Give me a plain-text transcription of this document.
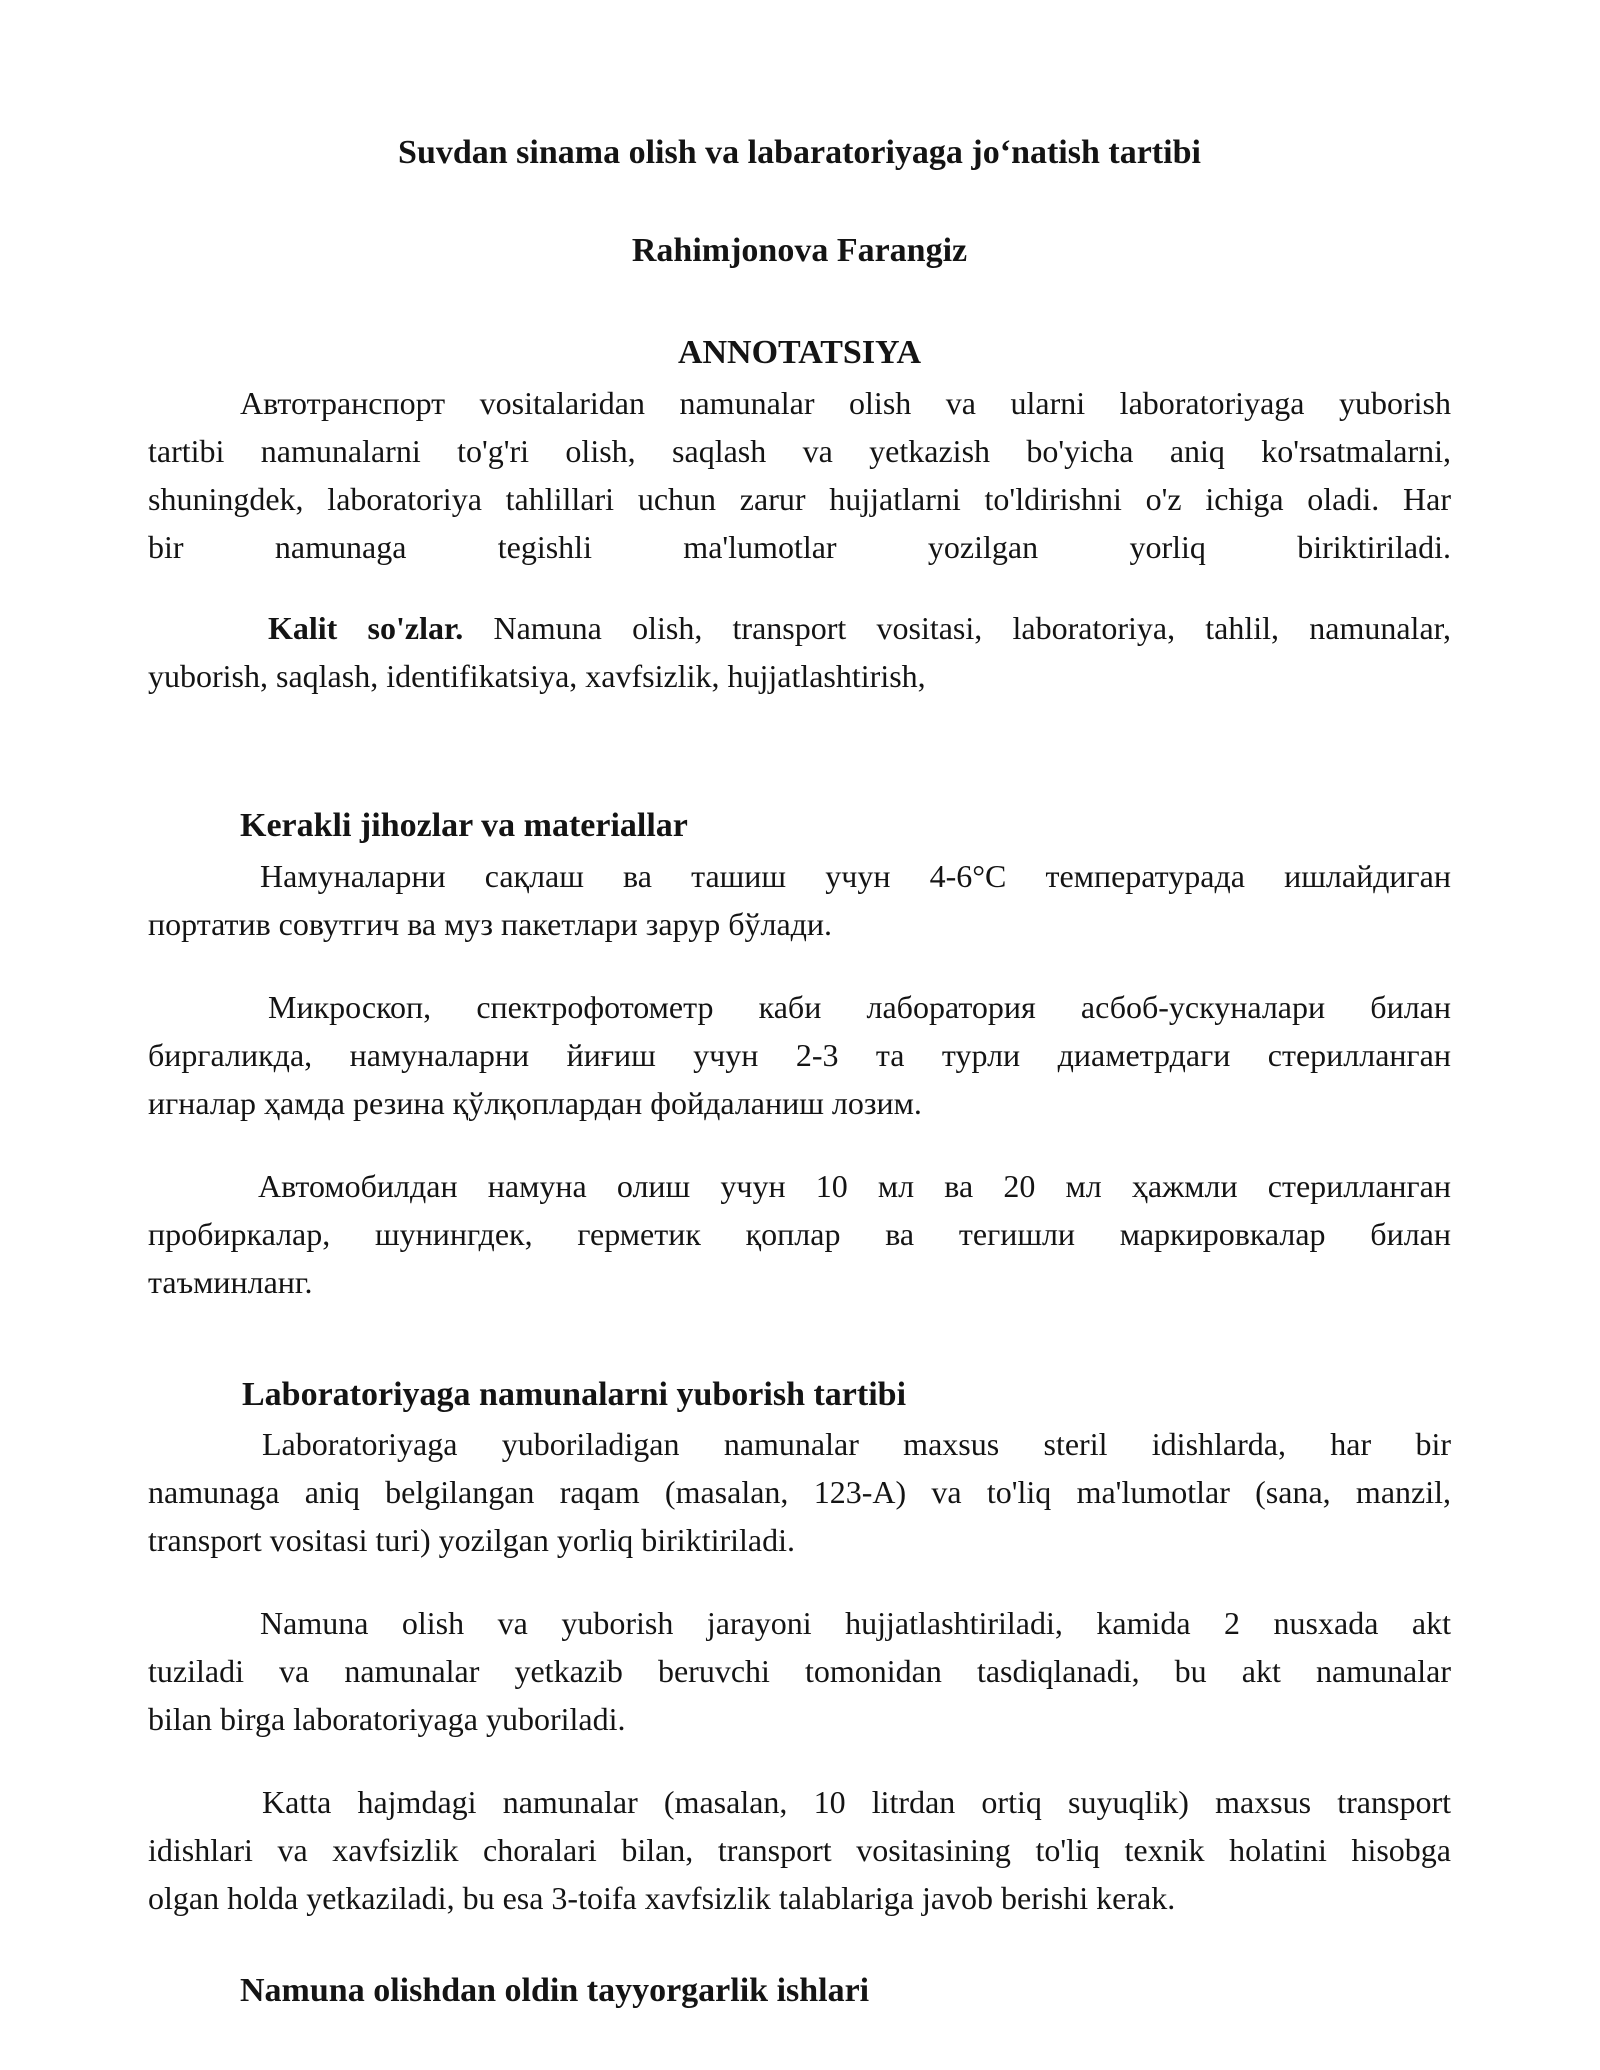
Suvdan sinama olish va labaratoriyaga jo‘natish tartibi
Rahimjonova Farangiz
ANNOTATSIYA
Автотранспорт vositalaridan namunalar olish va ularni laboratoriyaga yuborish
tartibi namunalarni to'g'ri olish, saqlash va yetkazish bo'yicha aniq ko'rsatmalarni,
shuningdek, laboratoriya tahlillari uchun zarur hujjatlarni to'ldirishni o'z ichiga oladi. Har
bir namunaga tegishli ma'lumotlar yozilgan yorliq biriktiriladi.
Kalit so'zlar. Namuna olish, transport vositasi, laboratoriya, tahlil, namunalar,
yuborish, saqlash, identifikatsiya, xavfsizlik, hujjatlashtirish,
Kerakli jihozlar va materiallar
Намуналарни сақлаш ва ташиш учун 4-6°C температурада ишлайдиган
портатив совутгич ва муз пакетлари зарур бўлади.
Микроскоп, спектрофотометр каби лаборатория асбоб-ускуналари билан
биргаликда, намуналарни йиғиш учун 2-3 та турли диаметрдаги стерилланган
игналар ҳамда резина қўлқоплардан фойдаланиш лозим.
Автомобилдан намуна олиш учун 10 мл ва 20 мл ҳажмли стерилланган
пробиркалар, шунингдек, герметик қоплар ва тегишли маркировкалар билан
таъминланг.
Laboratoriyaga namunalarni yuborish tartibi
Laboratoriyaga yuboriladigan namunalar maxsus steril idishlarda, har bir
namunaga aniq belgilangan raqam (masalan, 123-A) va to'liq ma'lumotlar (sana, manzil,
transport vositasi turi) yozilgan yorliq biriktiriladi.
Namuna olish va yuborish jarayoni hujjatlashtiriladi, kamida 2 nusxada akt
tuziladi va namunalar yetkazib beruvchi tomonidan tasdiqlanadi, bu akt namunalar
bilan birga laboratoriyaga yuboriladi.
Katta hajmdagi namunalar (masalan, 10 litrdan ortiq suyuqlik) maxsus transport
idishlari va xavfsizlik choralari bilan, transport vositasining to'liq texnik holatini hisobga
olgan holda yetkaziladi, bu esa 3-toifa xavfsizlik talablariga javob berishi kerak.
Namuna olishdan oldin tayyorgarlik ishlari
